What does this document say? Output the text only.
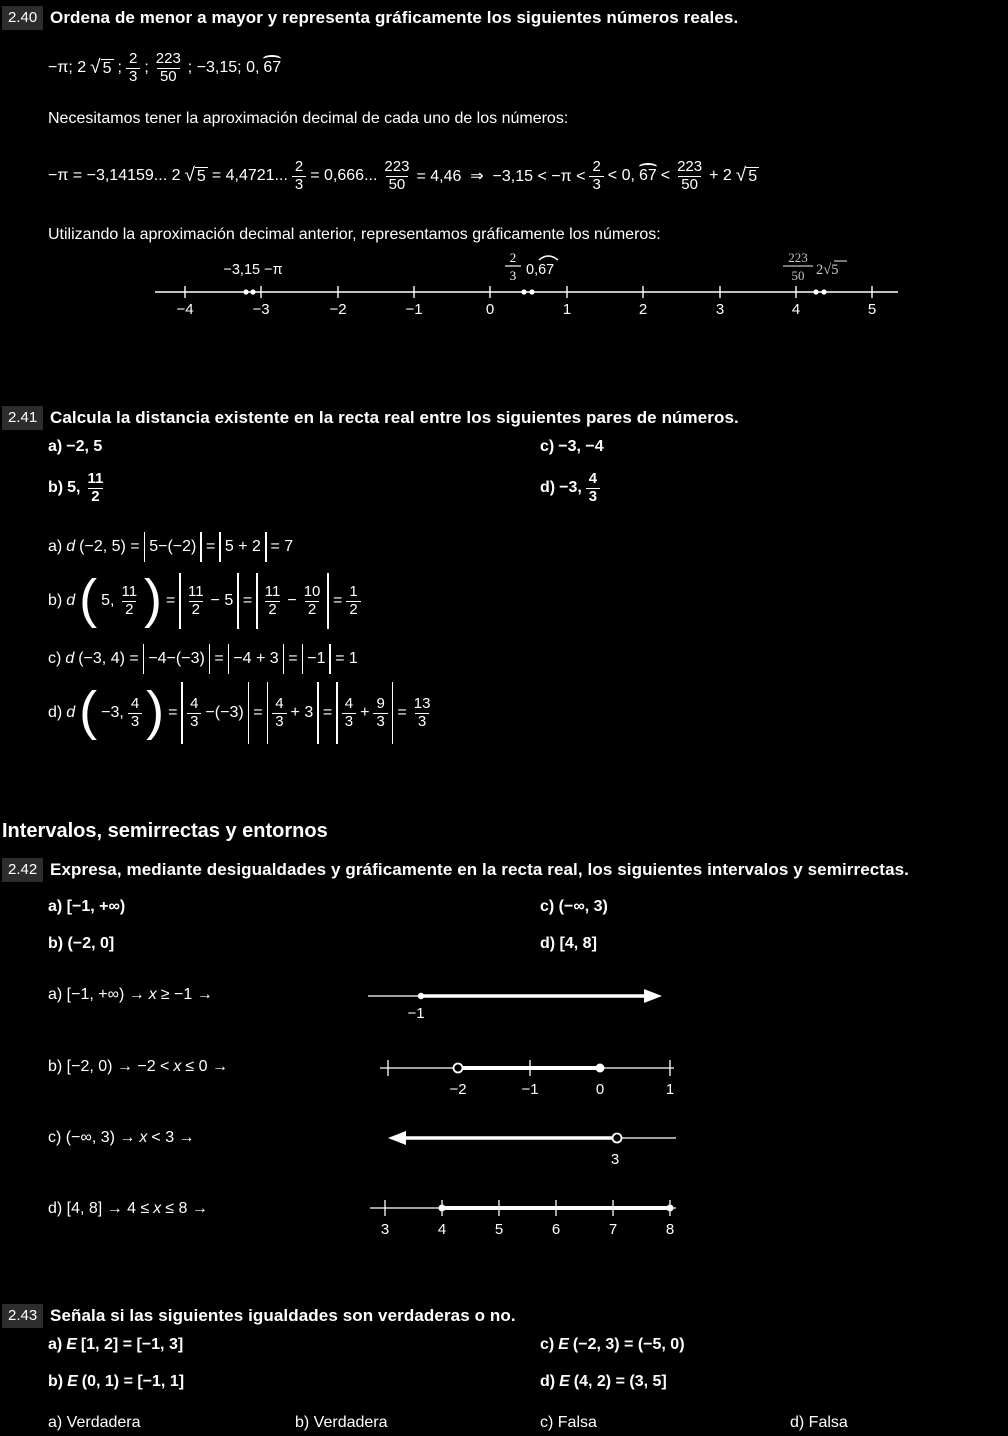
2.40 Ordena de menor a mayor y representa gráficamente los siguientes números reales.
−π; 2 √ 5 ; $\frac{2}{3}$ ; $\frac{223}{50}$ ; −3,15; 0, 67
Necesitamos tener la aproximación decimal de cada uno de los números:
−π = −3,14159... 2 √ 5 = 4,4721... $\frac{2}{3} = 0,666$... $\frac{223}{50} = 4,46$  ⇒  $-3,15 < -\pi < \frac{2}{3} < 0$, $67 < \frac{223}{50} + 2$ √ 5
Utilizando la aproximación decimal anterior, representamos gráficamente los números:
−4	−3	−2	−1	0	1	2	3	4	5
−3,15 −π
2
3 0,67
223
50 2√5
2.41 Calcula la distancia existente en la recta real entre los siguientes pares de números.
a) −2, 5	c) −3, −4
b) 5, $\frac{11}{2}$	d) −3, $\frac{4}{3}$
a) d (−2, 5) = 5−(−2) = 5 + 2 = 7
b) d ( 5, $\frac{11}{2}$ ) = $\frac{11}{2} - 5 = \frac{11}{2} - \frac{10}{2} = \frac{1}{2}$
c) d (−3, 4) = −4−(−3) = −4 + 3 = −1 = 1
d) d ( −3, $\frac{4}{3}$ ) = $\frac{4}{3} -(-3) = \frac{4}{3} + 3 = \frac{4}{3} + \frac{9}{3} = \frac{13}{3}$
Intervalos, semirrectas y entornos
2.42 Expresa, mediante desigualdades y gráficamente en la recta real, los siguientes intervalos y semirrectas.
a) [−1, +∞)	c) (−∞, 3)
b) (−2, 0]	d) [4, 8]
a) [−1, +∞) → x ≥ −1 →
−1
b) [−2, 0) → −2 < x ≤ 0 →
−2	−1	0	1
c) (−∞, 3) → x < 3 →
3
d) [4, 8] → 4 ≤ x ≤ 8 →
3	4	5	6	7	8
2.43 Señala si las siguientes igualdades son verdaderas o no.
a) E [1, 2] = [−1, 3]	c) E (−2, 3) = (−5, 0)
b) E (0, 1) = [−1, 1]	d) E (4, 2) = (3, 5]
a) Verdadera	b) Verdadera	c) Falsa	d) Falsa
